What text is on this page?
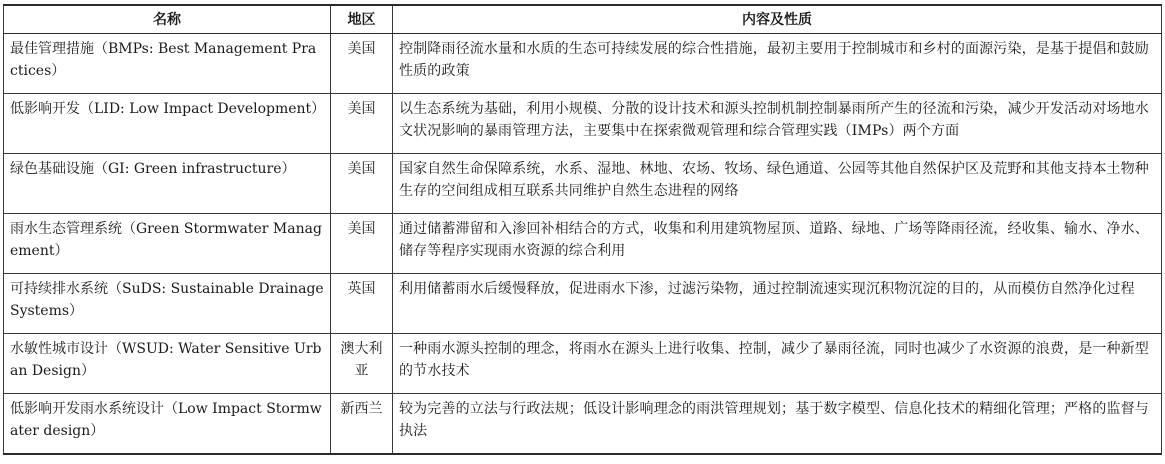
名称	地区	内容及性质
最佳管理措施（BMPs: Best Management Practices）	美国	控制降雨径流水量和水质的生态可持续发展的综合性措施，最初主要用于控制城市和乡村的面源污染，是基于提倡和鼓励性质的政策
低影响开发（LID: Low Impact Development）	美国	以生态系统为基础，利用小规模、分散的设计技术和源头控制机制控制暴雨所产生的径流和污染，减少开发活动对场地水文状况影响的暴雨管理方法，主要集中在探索微观管理和综合管理实践（IMPs）两个方面
绿色基础设施（GI: Green infrastructure）	美国	国家自然生命保障系统，水系、湿地、林地、农场、牧场、绿色通道、公园等其他自然保护区及荒野和其他支持本土物种生存的空间组成相互联系共同维护自然生态进程的网络
雨水生态管理系统（Green Stormwater Management）	美国	通过储蓄滞留和入渗回补相结合的方式，收集和利用建筑物屋顶、道路、绿地、广场等降雨径流，经收集、输水、净水、储存等程序实现雨水资源的综合利用
可持续排水系统（SuDS: Sustainable Drainage Systems）	英国	利用储蓄雨水后缓慢释放，促进雨水下渗，过滤污染物，通过控制流速实现沉积物沉淀的目的，从而模仿自然净化过程
水敏性城市设计（WSUD: Water Sensitive Urban Design）	澳大利亚	一种雨水源头控制的理念，将雨水在源头上进行收集、控制，减少了暴雨径流，同时也减少了水资源的浪费，是一种新型的节水技术
低影响开发雨水系统设计（Low Impact Stormwater design）	新西兰	较为完善的立法与行政法规；低设计影响理念的雨洪管理规划；基于数字模型、信息化技术的精细化管理；严格的监督与执法
